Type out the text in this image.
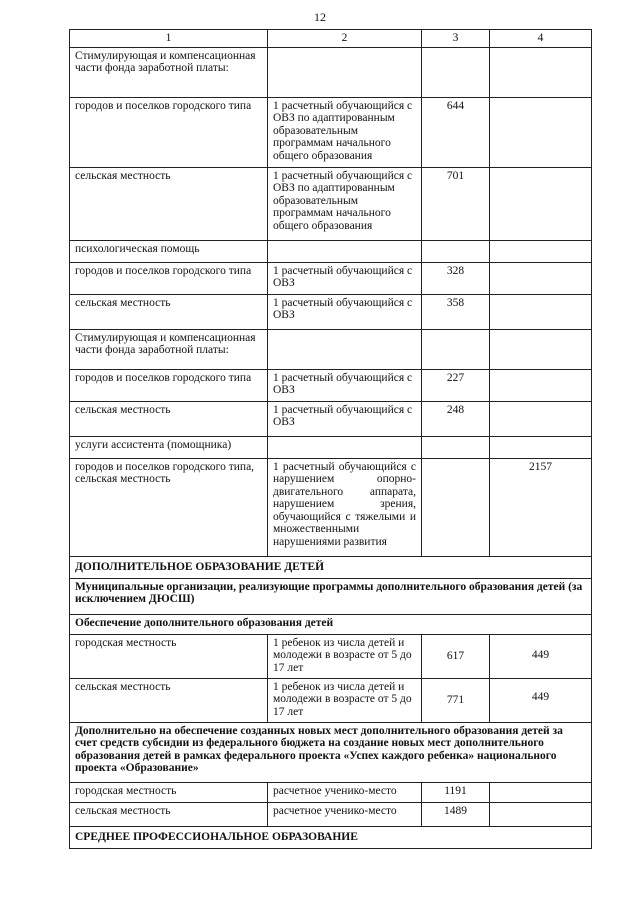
12
1	2	3	4
Стимулирующая и компенсационная части фонда заработной платы:			
городов и поселков городского типа	1 расчетный обучающийся с ОВЗ по адаптированным образовательным программам начального общего образования	644	
сельская местность	1 расчетный обучающийся с ОВЗ по адаптированным образовательным программам начального общего образования	701	
психологическая помощь			
городов и поселков городского типа	1 расчетный обучающийся с ОВЗ	328	
сельская местность	1 расчетный обучающийся с ОВЗ	358	
Стимулирующая и компенсационная части фонда заработной платы:			
городов и поселков городского типа	1 расчетный обучающийся с ОВЗ	227	
сельская местность	1 расчетный обучающийся с ОВЗ	248	
услуги ассистента (помощника)			
городов и поселков городского типа, сельская местность	1 расчетный обучающийся с нарушением опорно-двигательного аппарата, нарушением зрения, обучающийся с тяжелыми и множественными нарушениями развития		2157
ДОПОЛНИТЕЛЬНОЕ ОБРАЗОВАНИЕ ДЕТЕЙ			
Муниципальные организации, реализующие программы дополнительного образования детей (за исключением ДЮСШ)			
Обеспечение дополнительного образования детей			
городская местность	1 ребенок из числа детей и молодежи в возрасте от 5 до 17 лет	617	449
сельская местность	1 ребенок из числа детей и молодежи в возрасте от 5 до 17 лет	771	449
Дополнительно на обеспечение созданных новых мест дополнительного образования детей за счет средств субсидии из федерального бюджета на создание новых мест дополнительного образования детей в рамках федерального проекта «Успех каждого ребенка» национального проекта «Образование»			
городская местность	расчетное ученико-место	1191	
сельская местность	расчетное ученико-место	1489	
СРЕДНЕЕ ПРОФЕССИОНАЛЬНОЕ ОБРАЗОВАНИЕ			
